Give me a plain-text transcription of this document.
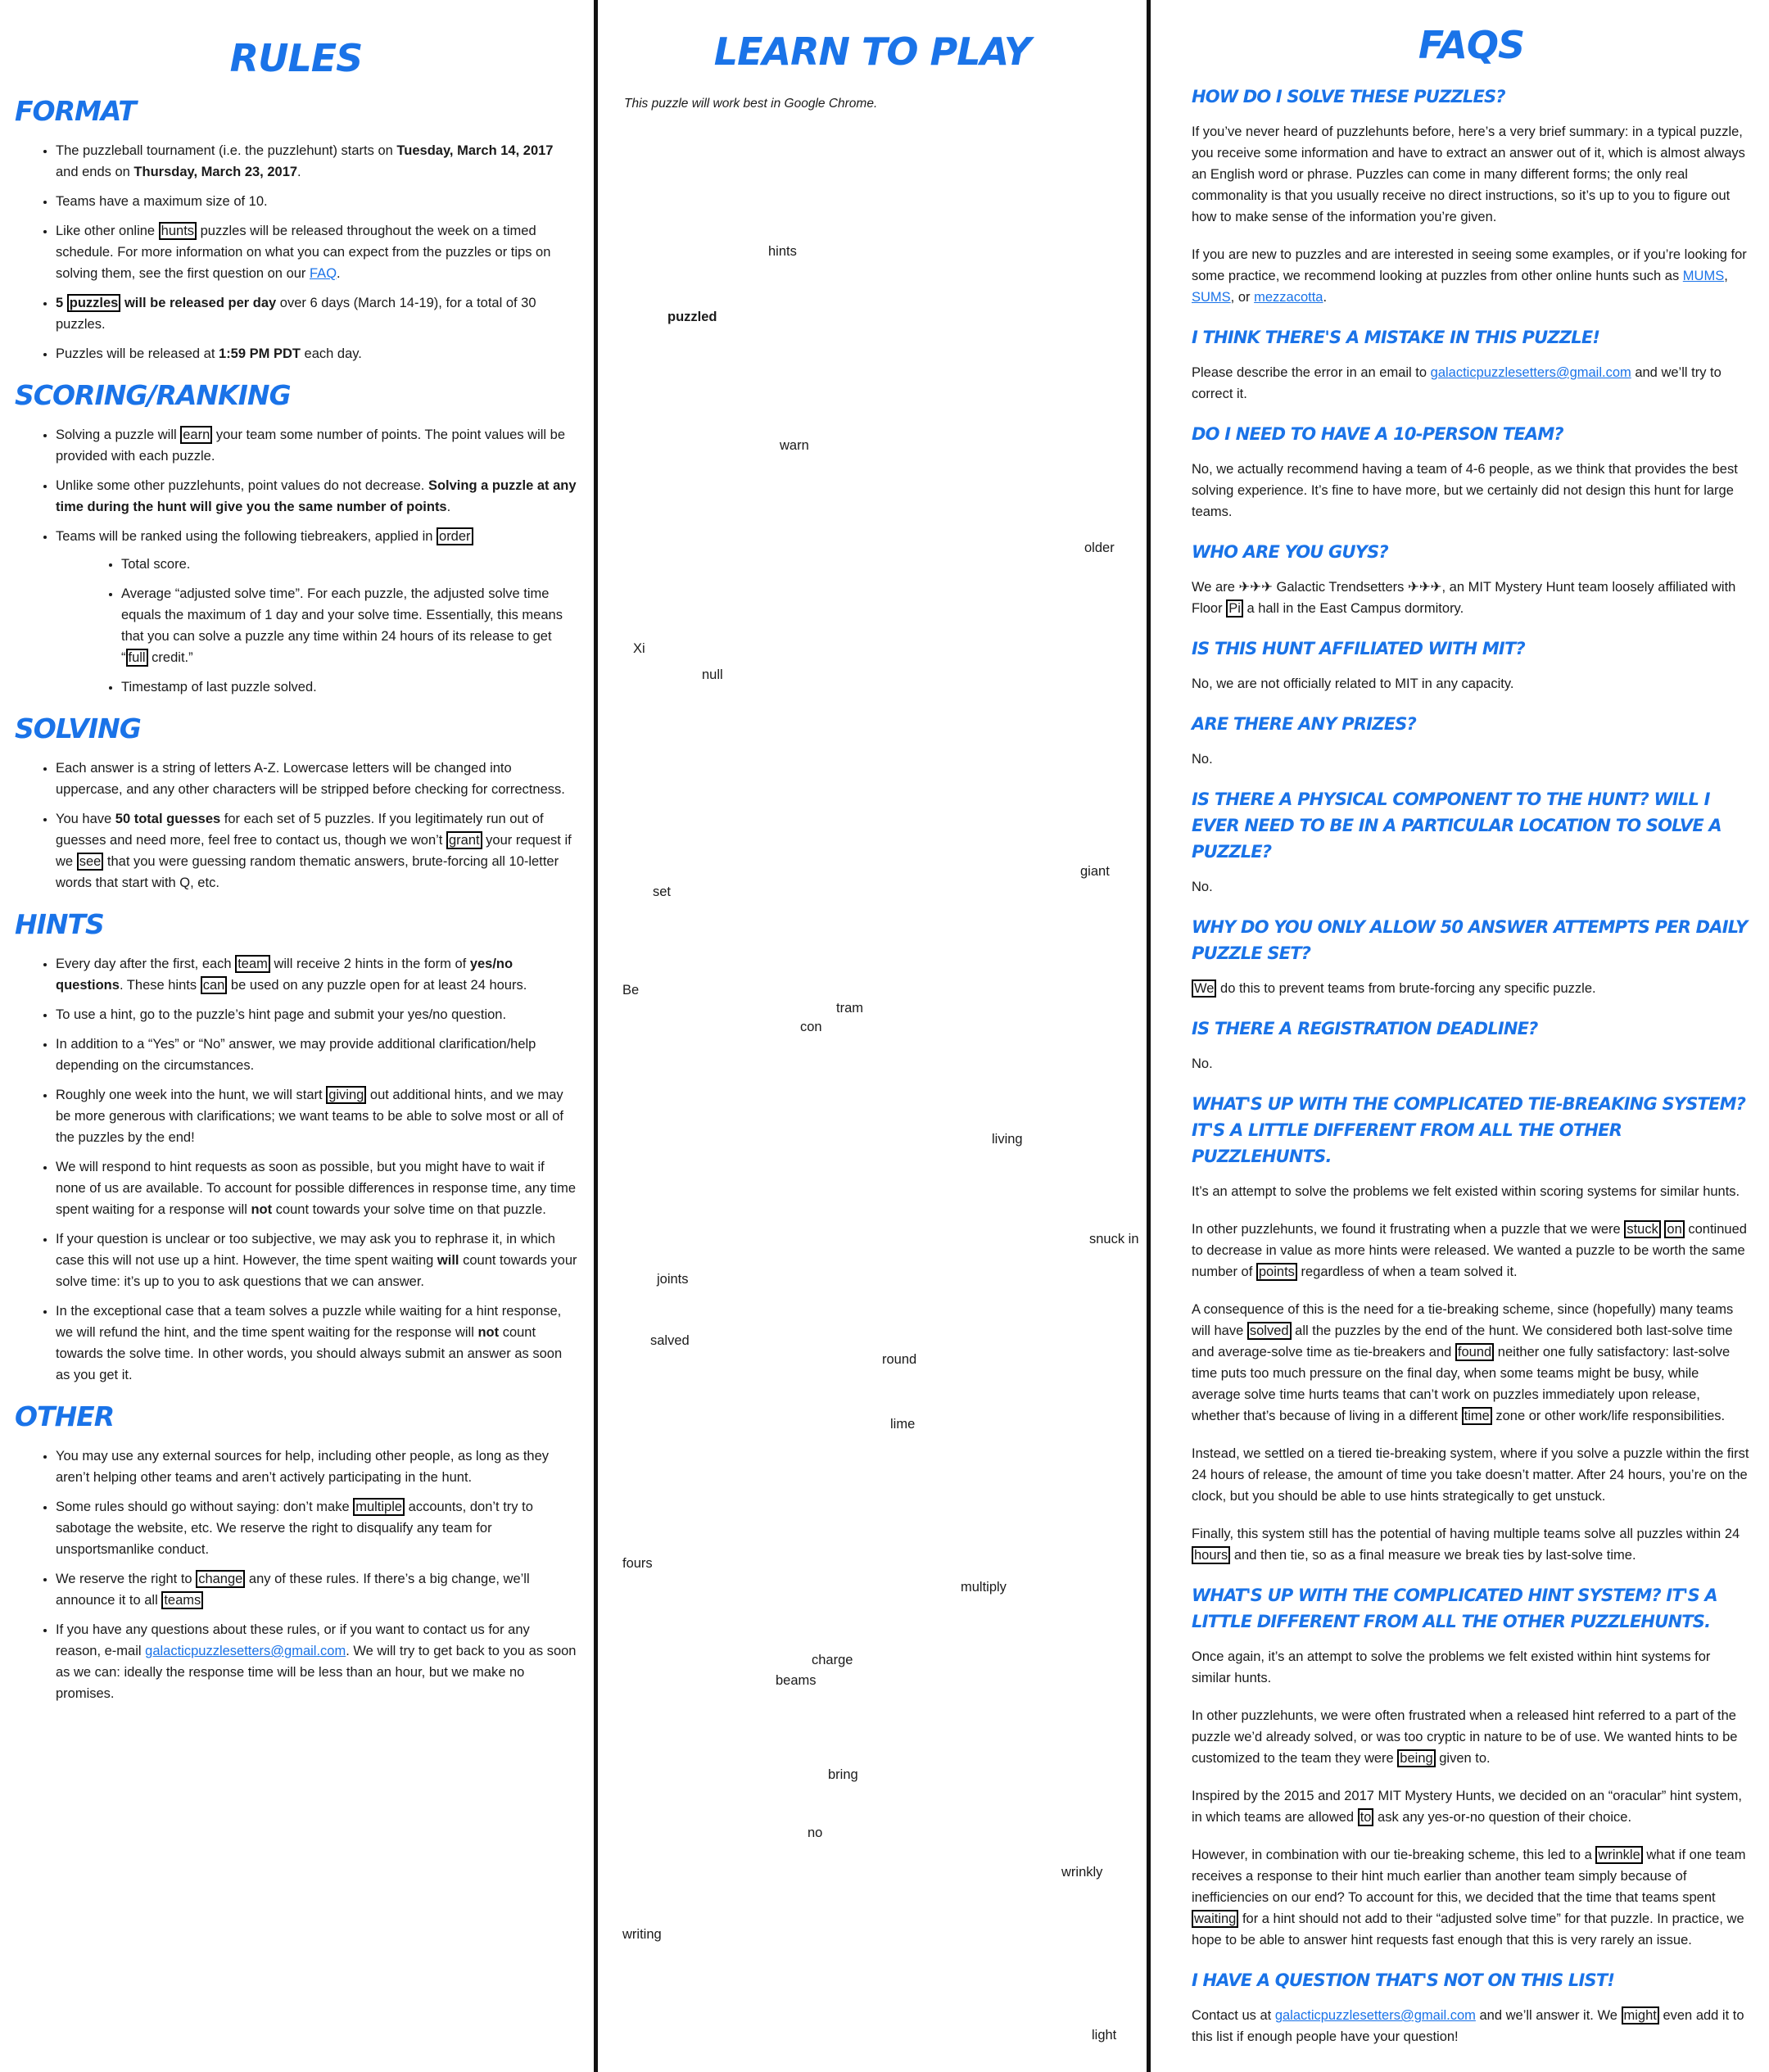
RULES
FORMAT
• The puzzleball tournament (i.e. the puzzlehunt) starts on Tuesday, March 14, 2017 and ends on Thursday, March 23, 2017.
• Teams have a maximum size of 10.
• Like other online hunts puzzles will be released throughout the week on a timed schedule. For more information on what you can expect from the puzzles or tips on solving them, see the first question on our FAQ.
• 5 puzzles will be released per day over 6 days (March 14-19), for a total of 30 puzzles.
• Puzzles will be released at 1:59 PM PDT each day.
SCORING/RANKING
• Solving a puzzle will earn your team some number of points. The point values will be provided with each puzzle.
• Unlike some other puzzlehunts, point values do not decrease. Solving a puzzle at any time during the hunt will give you the same number of points.
• Teams will be ranked using the following tiebreakers, applied in order
• Total score.
• Average “adjusted solve time”. For each puzzle, the adjusted solve time equals the maximum of 1 day and your solve time. Essentially, this means that you can solve a puzzle any time within 24 hours of its release to get “ full credit.”
• Timestamp of last puzzle solved.
SOLVING
• Each answer is a string of letters A-Z. Lowercase letters will be changed into uppercase, and any other characters will be stripped before checking for correctness.
• You have 50 total guesses for each set of 5 puzzles. If you legitimately run out of guesses and need more, feel free to contact us, though we won’t grant your request if we see that you were guessing random thematic answers, brute-forcing all 10-letter words that start with Q, etc.
HINTS
• Every day after the first, each team will receive 2 hints in the form of yes/no questions. These hints can be used on any puzzle open for at least 24 hours.
• To use a hint, go to the puzzle’s hint page and submit your yes/no question.
• In addition to a “Yes” or “No” answer, we may provide additional clarification/help depending on the circumstances.
• Roughly one week into the hunt, we will start giving out additional hints, and we may be more generous with clarifications; we want teams to be able to solve most or all of the puzzles by the end!
• We will respond to hint requests as soon as possible, but you might have to wait if none of us are available. To account for possible differences in response time, any time spent waiting for a response will not count towards your solve time on that puzzle.
• If your question is unclear or too subjective, we may ask you to rephrase it, in which case this will not use up a hint. However, the time spent waiting will count towards your solve time: it’s up to you to ask questions that we can answer.
• In the exceptional case that a team solves a puzzle while waiting for a hint response, we will refund the hint, and the time spent waiting for the response will not count towards the solve time. In other words, you should always submit an answer as soon as you get it.
OTHER
• You may use any external sources for help, including other people, as long as they aren’t helping other teams and aren’t actively participating in the hunt.
• Some rules should go without saying: don’t make multiple accounts, don’t try to sabotage the website, etc. We reserve the right to disqualify any team for unsportsmanlike conduct.
• We reserve the right to change any of these rules. If there’s a big change, we’ll announce it to all teams
• If you have any questions about these rules, or if you want to contact us for any reason, e-mail galacticpuzzlesetters@gmail.com. We will try to get back to you as soon as we can: ideally the response time will be less than an hour, but we make no promises.
LEARN TO PLAY
This puzzle will work best in Google Chrome.
hints
puzzled
warn
older
Xi
null
giant
set
Be
tram
con
living
snuck in
joints
salved
round
lime
fours
multiply
charge
beams
bring
no
wrinkly
writing
light
FAQS
HOW DO I SOLVE THESE PUZZLES?

If you’ve never heard of puzzlehunts before, here’s a very brief summary: in a typical puzzle, you receive some information and have to extract an answer out of it, which is almost always an English word or phrase. Puzzles can come in many different forms; the only real commonality is that you usually receive no direct instructions, so it’s up to you to figure out how to make sense of the information you’re given.

If you are new to puzzles and are interested in seeing some examples, or if you’re looking for some practice, we recommend looking at puzzles from other online hunts such as MUMS, SUMS, or mezzacotta.

I THINK THERE'S A MISTAKE IN THIS PUZZLE!

Please describe the error in an email to galacticpuzzlesetters@gmail.com and we’ll try to correct it.

DO I NEED TO HAVE A 10-PERSON TEAM?

No, we actually recommend having a team of 4-6 people, as we think that provides the best solving experience. It’s fine to have more, but we certainly did not design this hunt for large teams.

WHO ARE YOU GUYS?

We are ✈✈✈ Galactic Trendsetters ✈✈✈, an MIT Mystery Hunt team loosely affiliated with Floor Pi a hall in the East Campus dormitory.

IS THIS HUNT AFFILIATED WITH MIT?

No, we are not officially related to MIT in any capacity.

ARE THERE ANY PRIZES?

No.

IS THERE A PHYSICAL COMPONENT TO THE HUNT? WILL I EVER NEED TO BE IN A PARTICULAR LOCATION TO SOLVE A PUZZLE?

No.

WHY DO YOU ONLY ALLOW 50 ANSWER ATTEMPTS PER DAILY PUZZLE SET?

We do this to prevent teams from brute-forcing any specific puzzle.

IS THERE A REGISTRATION DEADLINE?

No.

WHAT'S UP WITH THE COMPLICATED TIE-BREAKING SYSTEM? IT'S A LITTLE DIFFERENT FROM ALL THE OTHER PUZZLEHUNTS.

It’s an attempt to solve the problems we felt existed within scoring systems for similar hunts.

In other puzzlehunts, we found it frustrating when a puzzle that we were stuck on continued to decrease in value as more hints were released. We wanted a puzzle to be worth the same number of points regardless of when a team solved it.

A consequence of this is the need for a tie-breaking scheme, since (hopefully) many teams will have solved all the puzzles by the end of the hunt. We considered both last-solve time and average-solve time as tie-breakers and found neither one fully satisfactory: last-solve time puts too much pressure on the final day, when some teams might be busy, while average solve time hurts teams that can’t work on puzzles immediately upon release, whether that’s because of living in a different time zone or other work/life responsibilities.

Instead, we settled on a tiered tie-breaking system, where if you solve a puzzle within the first 24 hours of release, the amount of time you take doesn’t matter. After 24 hours, you’re on the clock, but you should be able to use hints strategically to get unstuck.

Finally, this system still has the potential of having multiple teams solve all puzzles within 24 hours and then tie, so as a final measure we break ties by last-solve time.

WHAT'S UP WITH THE COMPLICATED HINT SYSTEM? IT'S A LITTLE DIFFERENT FROM ALL THE OTHER PUZZLEHUNTS.

Once again, it’s an attempt to solve the problems we felt existed within hint systems for similar hunts.

In other puzzlehunts, we were often frustrated when a released hint referred to a part of the puzzle we’d already solved, or was too cryptic in nature to be of use. We wanted hints to be customized to the team they were being given to.

Inspired by the 2015 and 2017 MIT Mystery Hunts, we decided on an “oracular” hint system, in which teams are allowed to ask any yes-or-no question of their choice.

However, in combination with our tie-breaking scheme, this led to a wrinkle what if one team receives a response to their hint much earlier than another team simply because of inefficiencies on our end? To account for this, we decided that the time that teams spent waiting for a hint should not add to their “adjusted solve time” for that puzzle. In practice, we hope to be able to answer hint requests fast enough that this is very rarely an issue.

I HAVE A QUESTION THAT'S NOT ON THIS LIST!

Contact us at galacticpuzzlesetters@gmail.com and we’ll answer it. We might even add it to this list if enough people have your question!
